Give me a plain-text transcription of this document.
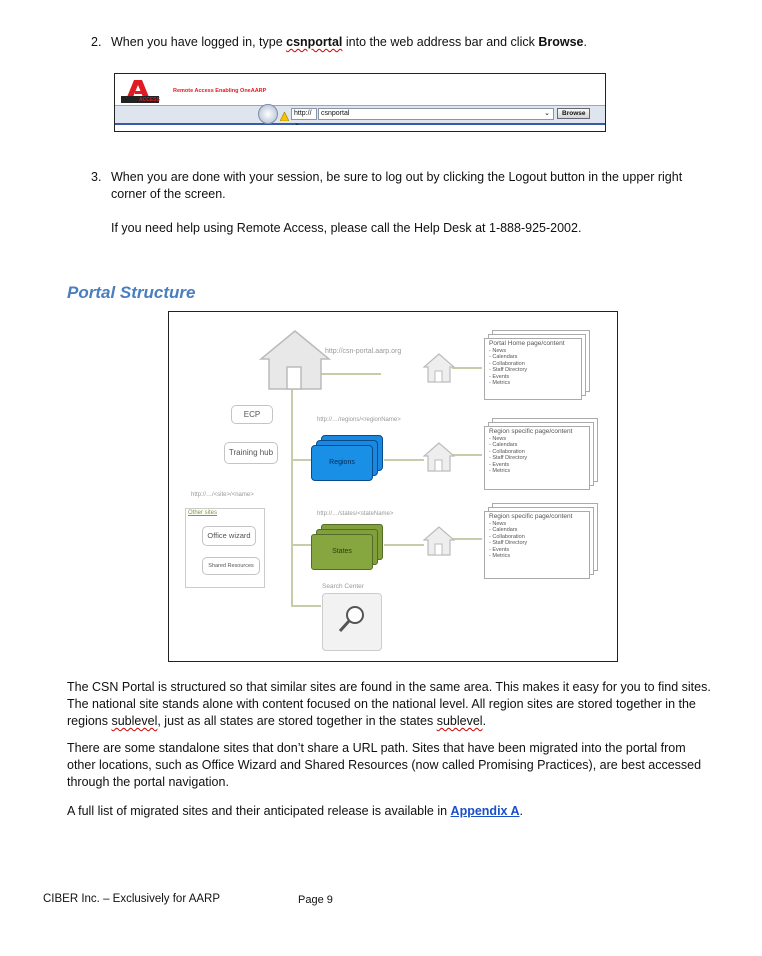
2. When you have logged in, type csnportal into the web address bar and click Browse.
ACCESS
Remote Access Enabling OneAARP
http:// ⌄
csnportal	⌄	Browse
3. When you are done with your session, be sure to log out by clicking the Logout button in the upper right
corner of the screen.
If you need help using Remote Access, please call the Help Desk at 1-888-925-2002.
Portal Structure
http://csn-portal.aarp.org
ECP
Training hub
http://…/<site>/<name>
Other sites
Office wizard
Shared Resources
http://…/regions/<regionName>
Regions
http://…/states/<stateName>
States
Search Center
Portal Home page/content
- News
- Calendars
- Collaboration
- Staff Directory
- Events
- Metrics
Region specific page/content
- News
- Calendars
- Collaboration
- Staff Directory
- Events
- Metrics
Region specific page/content
- News
- Calendars
- Collaboration
- Staff Directory
- Events
- Metrics
The CSN Portal is structured so that similar sites are found in the same area. This makes it easy for you to find sites.
The national site stands alone with content focused on the national level. All region sites are stored together in the
regions sublevel, just as all states are stored together in the states sublevel.
There are some standalone sites that don’t share a URL path. Sites that have been migrated into the portal from
other locations, such as Office Wizard and Shared Resources (now called Promising Practices), are best accessed
through the portal navigation.
A full list of migrated sites and their anticipated release is available in Appendix A.
CIBER Inc. – Exclusively for AARP	Page 9
